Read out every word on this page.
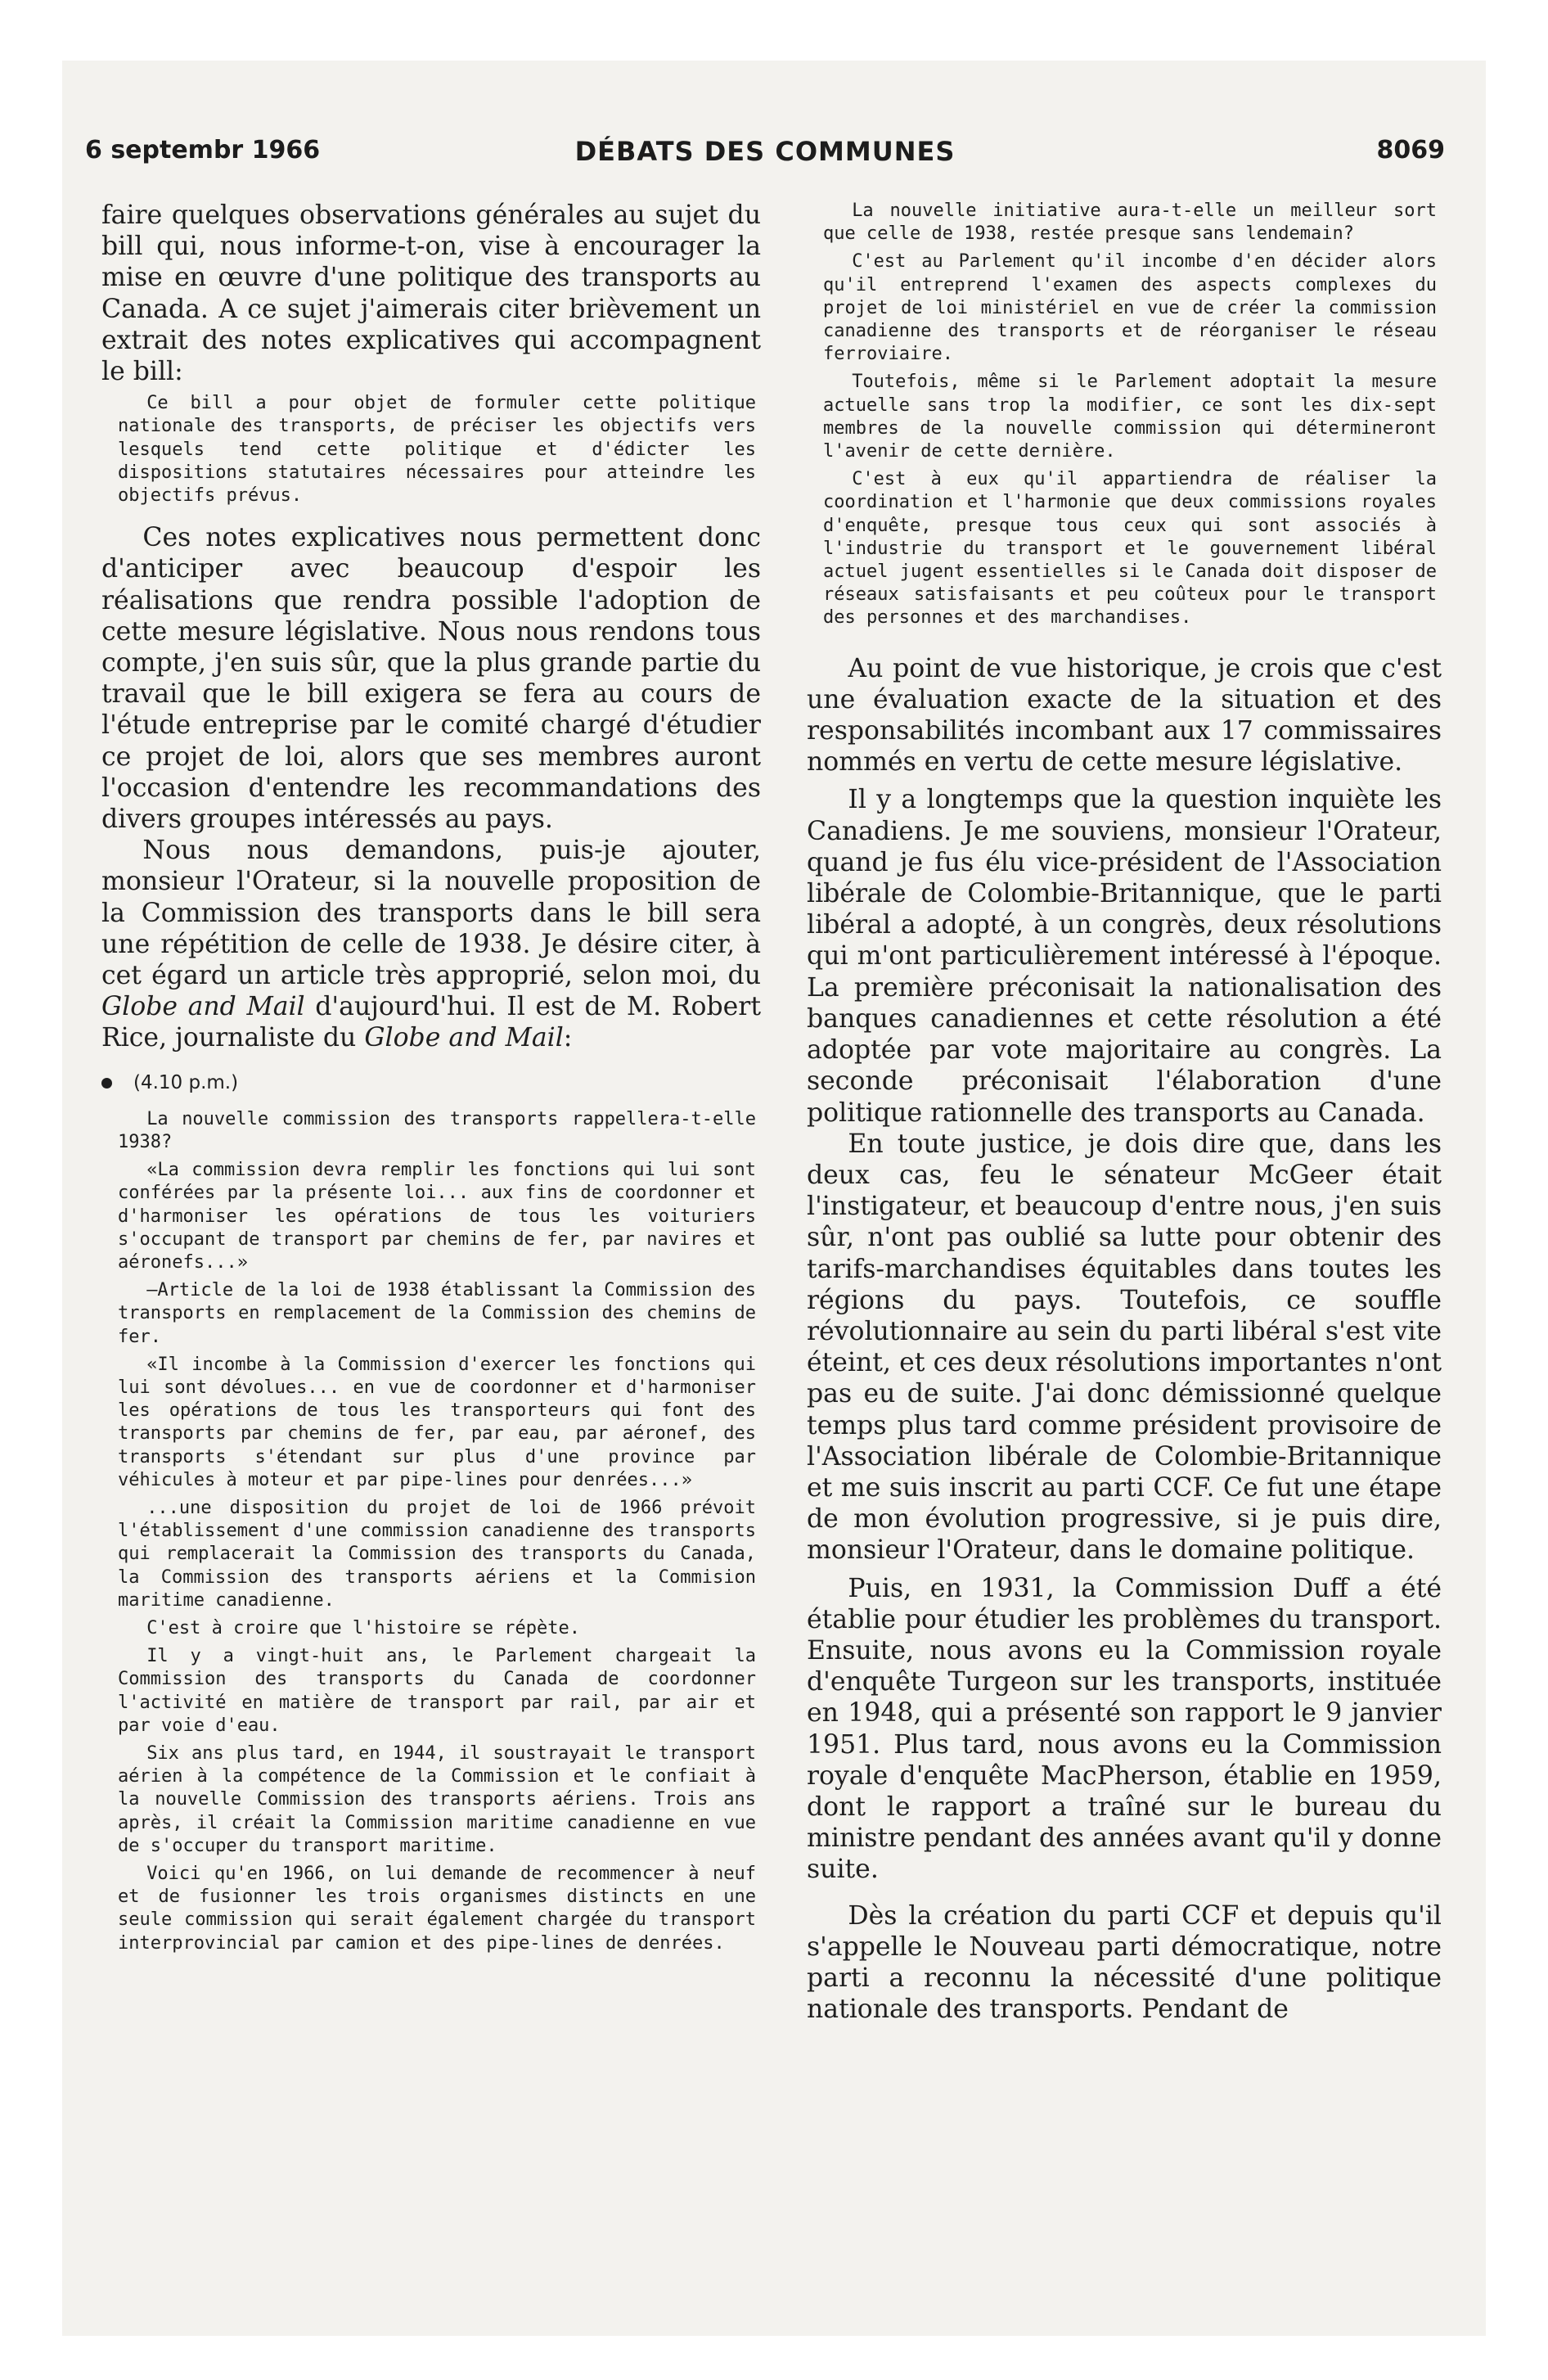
6 septembr 1966	DÉBATS DES COMMUNES	8069

faire quelques observations générales au sujet du bill qui, nous informe-t-on, vise à encourager la mise en œuvre d'une politique des transports au Canada. A ce sujet j'aimerais citer brièvement un extrait des notes explicatives qui accompagnent le bill:

Ce bill a pour objet de formuler cette politique nationale des transports, de préciser les objectifs vers lesquels tend cette politique et d'édicter les dispositions statutaires nécessaires pour atteindre les objectifs prévus.

Ces notes explicatives nous permettent donc d'anticiper avec beaucoup d'espoir les réalisations que rendra possible l'adoption de cette mesure législative. Nous nous rendons tous compte, j'en suis sûr, que la plus grande partie du travail que le bill exigera se fera au cours de l'étude entreprise par le comité chargé d'étudier ce projet de loi, alors que ses membres auront l'occasion d'entendre les recommandations des divers groupes intéressés au pays.

Nous nous demandons, puis-je ajouter, monsieur l'Orateur, si la nouvelle proposition de la Commission des transports dans le bill sera une répétition de celle de 1938. Je désire citer, à cet égard un article très approprié, selon moi, du Globe and Mail d'aujourd'hui. Il est de M. Robert Rice, journaliste du Globe and Mail:

(4.10 p.m.)

La nouvelle commission des transports rappellera-t-elle 1938?

«La commission devra remplir les fonctions qui lui sont conférées par la présente loi... aux fins de coordonner et d'harmoniser les opérations de tous les voituriers s'occupant de transport par chemins de fer, par navires et aéronefs...»

—Article de la loi de 1938 établissant la Commission des transports en remplacement de la Commission des chemins de fer.

«Il incombe à la Commission d'exercer les fonctions qui lui sont dévolues... en vue de coordonner et d'harmoniser les opérations de tous les transporteurs qui font des transports par chemins de fer, par eau, par aéronef, des transports s'étendant sur plus d'une province par véhicules à moteur et par pipe-lines pour denrées...»

...une disposition du projet de loi de 1966 prévoit l'établissement d'une commission canadienne des transports qui remplacerait la Commission des transports du Canada, la Commission des transports aériens et la Commision maritime canadienne.

C'est à croire que l'histoire se répète.

Il y a vingt-huit ans, le Parlement chargeait la Commission des transports du Canada de coordonner l'activité en matière de transport par rail, par air et par voie d'eau.

Six ans plus tard, en 1944, il soustrayait le transport aérien à la compétence de la Commission et le confiait à la nouvelle Commission des transports aériens. Trois ans après, il créait la Commission maritime canadienne en vue de s'occuper du transport maritime.

Voici qu'en 1966, on lui demande de recommencer à neuf et de fusionner les trois organismes distincts en une seule commission qui serait également chargée du transport interprovincial par camion et des pipe-lines de denrées.

La nouvelle initiative aura-t-elle un meilleur sort que celle de 1938, restée presque sans lendemain?

C'est au Parlement qu'il incombe d'en décider alors qu'il entreprend l'examen des aspects complexes du projet de loi ministériel en vue de créer la commission canadienne des transports et de réorganiser le réseau ferroviaire.

Toutefois, même si le Parlement adoptait la mesure actuelle sans trop la modifier, ce sont les dix-sept membres de la nouvelle commission qui détermineront l'avenir de cette dernière.

C'est à eux qu'il appartiendra de réaliser la coordination et l'harmonie que deux commissions royales d'enquête, presque tous ceux qui sont associés à l'industrie du transport et le gouvernement libéral actuel jugent essentielles si le Canada doit disposer de réseaux satisfaisants et peu coûteux pour le transport des personnes et des marchandises.

Au point de vue historique, je crois que c'est une évaluation exacte de la situation et des responsabilités incombant aux 17 commissaires nommés en vertu de cette mesure législative.

Il y a longtemps que la question inquiète les Canadiens. Je me souviens, monsieur l'Orateur, quand je fus élu vice-président de l'Association libérale de Colombie-Britannique, que le parti libéral a adopté, à un congrès, deux résolutions qui m'ont particulièrement intéressé à l'époque. La première préconisait la nationalisation des banques canadiennes et cette résolution a été adoptée par vote majoritaire au congrès. La seconde préconisait l'élaboration d'une politique rationnelle des transports au Canada.

En toute justice, je dois dire que, dans les deux cas, feu le sénateur McGeer était l'instigateur, et beaucoup d'entre nous, j'en suis sûr, n'ont pas oublié sa lutte pour obtenir des tarifs-marchandises équitables dans toutes les régions du pays. Toutefois, ce souffle révolutionnaire au sein du parti libéral s'est vite éteint, et ces deux résolutions importantes n'ont pas eu de suite. J'ai donc démissionné quelque temps plus tard comme président provisoire de l'Association libérale de Colombie-Britannique et me suis inscrit au parti CCF. Ce fut une étape de mon évolution progressive, si je puis dire, monsieur l'Orateur, dans le domaine politique.

Puis, en 1931, la Commission Duff a été établie pour étudier les problèmes du transport. Ensuite, nous avons eu la Commission royale d'enquête Turgeon sur les transports, instituée en 1948, qui a présenté son rapport le 9 janvier 1951. Plus tard, nous avons eu la Commission royale d'enquête MacPherson, établie en 1959, dont le rapport a traîné sur le bureau du ministre pendant des années avant qu'il y donne suite.

Dès la création du parti CCF et depuis qu'il s'appelle le Nouveau parti démocratique, notre parti a reconnu la nécessité d'une politique nationale des transports. Pendant de
